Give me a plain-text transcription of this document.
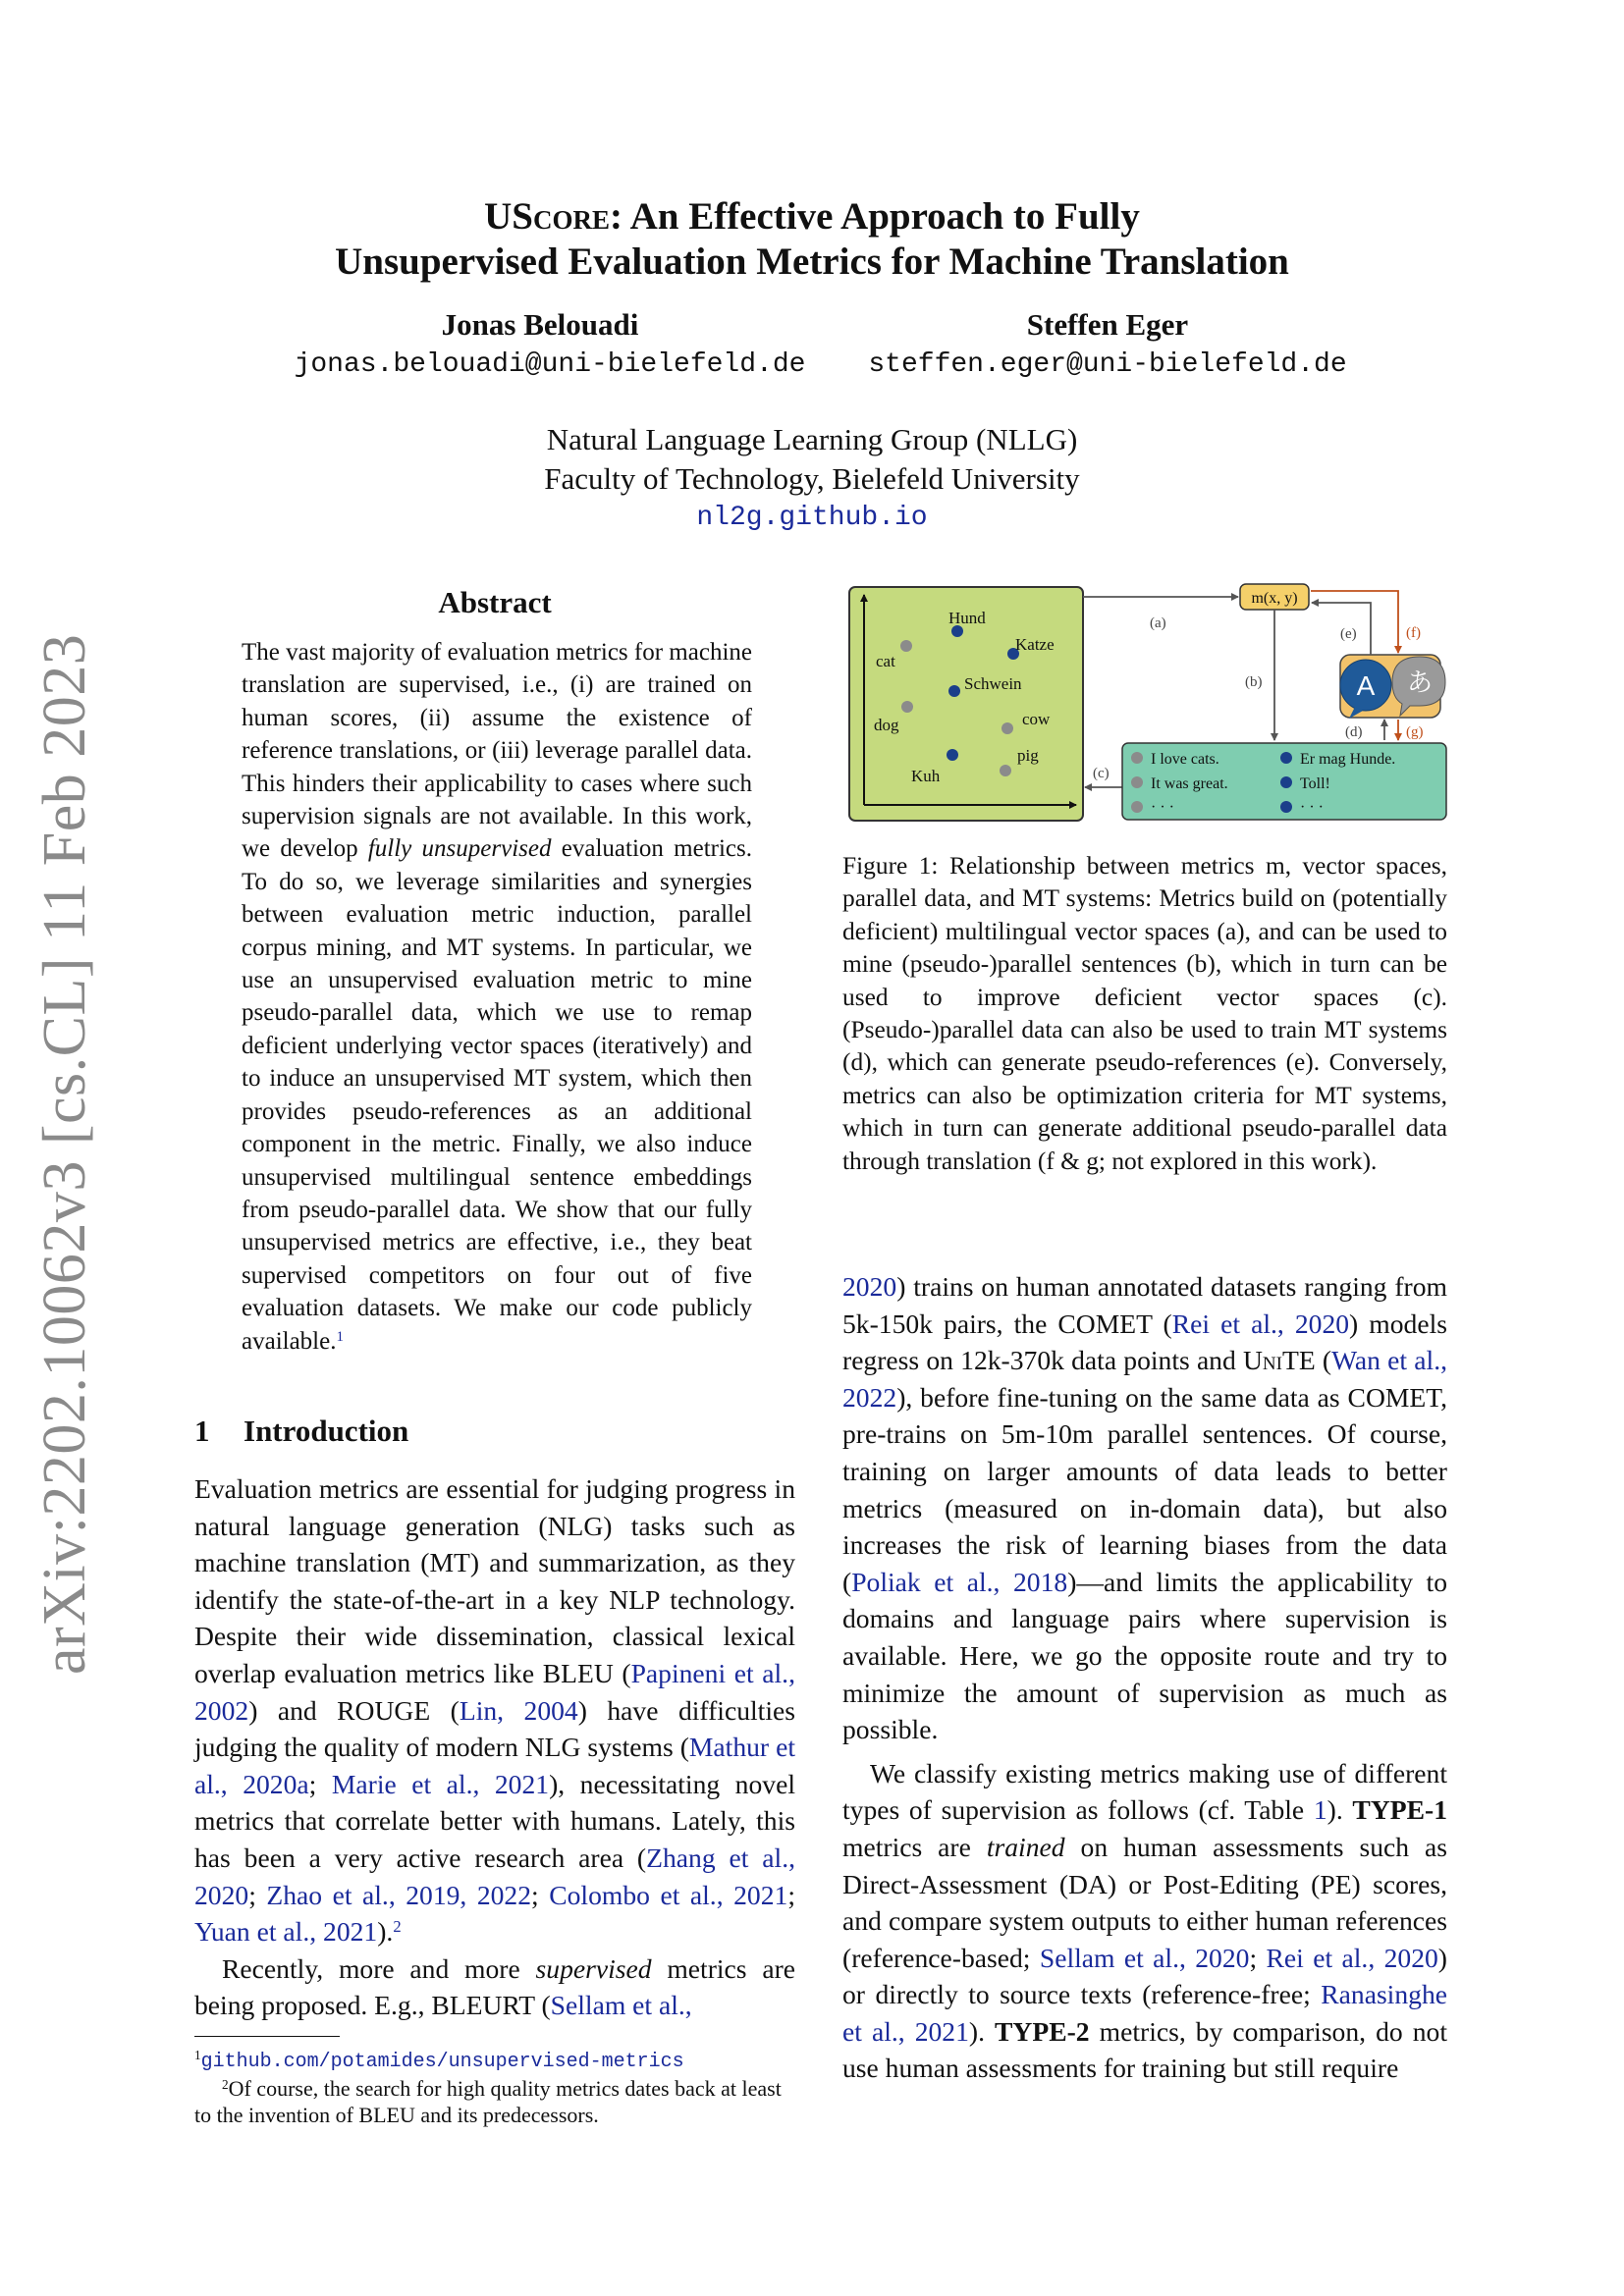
arXiv:2202.10062v3 [cs.CL] 11 Feb 2023
UScore: An Effective Approach to Fully
Unsupervised Evaluation Metrics for Machine Translation
Jonas Belouadi
jonas.belouadi@uni-bielefeld.de
Steffen Eger
steffen.eger@uni-bielefeld.de
Natural Language Learning Group (NLLG)
Faculty of Technology, Bielefeld University
nl2g.github.io
Abstract
The vast majority of evaluation metrics for machine translation are supervised, i.e., (i) are trained on human scores, (ii) assume the existence of reference translations, or (iii) leverage parallel data. This hinders their applicability to cases where such supervision signals are not available. In this work, we develop fully unsupervised evaluation metrics. To do so, we leverage similarities and synergies between evaluation metric induction, parallel corpus mining, and MT systems. In particular, we use an unsupervised evaluation metric to mine pseudo-parallel data, which we use to remap deficient underlying vector spaces (iteratively) and to induce an unsupervised MT system, which then provides pseudo-references as an additional component in the metric. Finally, we also induce unsupervised multilingual sentence embeddings from pseudo-parallel data. We show that our fully unsupervised metrics are effective, i.e., they beat supervised competitors on four out of five evaluation datasets. We make our code publicly available.$^1$
1 Introduction

Evaluation metrics are essential for judging progress in natural language generation (NLG) tasks such as machine translation (MT) and summarization, as they identify the state-of-the-art in a key NLP technology. Despite their wide dissemination, classical lexical overlap evaluation metrics like BLEU (Papineni et al., 2002) and ROUGE (Lin, 2004) have difficulties judging the quality of modern NLG systems (Mathur et al., 2020a; Marie et al., 2021), necessitating novel metrics that correlate better with humans. Lately, this has been a very active research area (Zhang et al., 2020; Zhao et al., 2019, 2022; Colombo et al., 2021; Yuan et al., 2021).$^2$

Recently, more and more supervised metrics are being proposed. E.g., BLEURT (Sellam et al.,

$^1$github.com/potamides/unsupervised-metrics
$^2$Of course, the search for high quality metrics dates back at least to the invention of BLEU and its predecessors.
Hund
Katze
cat
Schwein
dog	cow
pig
Kuh
m(x, y)
(a)
(b)
(c)
A あ
(e)	(f)
(d)	(g)
I love cats.
It was great.
· · ·
Er mag Hunde.
Toll!
· · ·
Figure 1: Relationship between metrics m, vector spaces, parallel data, and MT systems: Metrics build on (potentially deficient) multilingual vector spaces (a), and can be used to mine (pseudo-)parallel sentences (b), which in turn can be used to improve deficient vector spaces (c). (Pseudo-)parallel data can also be used to train MT systems (d), which can generate pseudo-references (e). Conversely, metrics can also be optimization criteria for MT systems, which in turn can generate additional pseudo-parallel data through translation (f & g; not explored in this work).

2020) trains on human annotated datasets ranging from 5k-150k pairs, the COMET (Rei et al., 2020) models regress on 12k-370k data points and UniTE (Wan et al., 2022), before fine-tuning on the same data as COMET, pre-trains on 5m-10m parallel sentences. Of course, training on larger amounts of data leads to better metrics (measured on in-domain data), but also increases the risk of learning biases from the data (Poliak et al., 2018)—and limits the applicability to domains and language pairs where supervision is available. Here, we go the opposite route and try to minimize the amount of supervision as much as possible.

We classify existing metrics making use of different types of supervision as follows (cf. Table 1). TYPE-1 metrics are trained on human assessments such as Direct-Assessment (DA) or Post-Editing (PE) scores, and compare system outputs to either human references (reference-based; Sellam et al., 2020; Rei et al., 2020) or directly to source texts (reference-free; Ranasinghe et al., 2021). TYPE-2 metrics, by comparison, do not use human assessments for training but still require
